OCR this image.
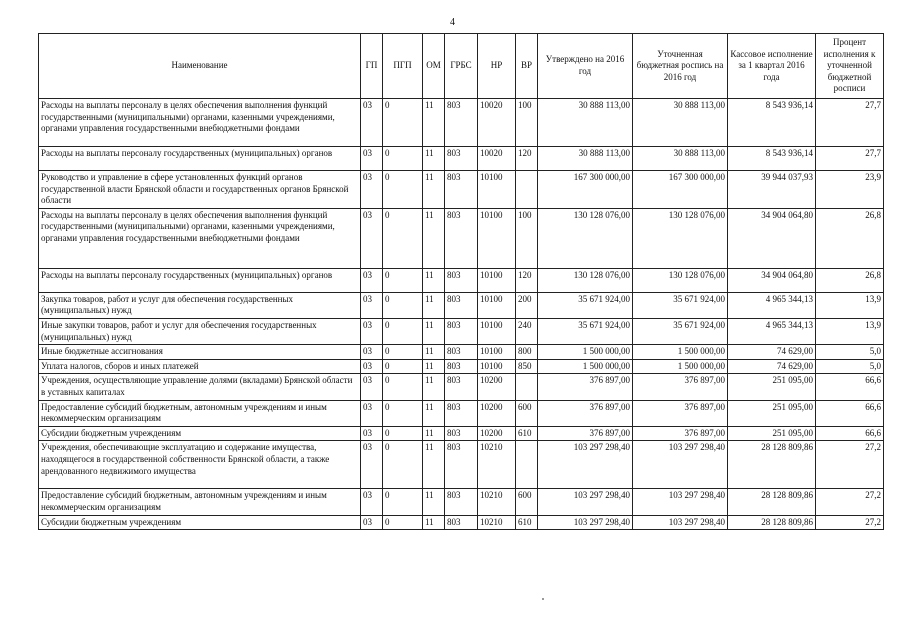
4
Наименование	ГП	ПГП	ОМ	ГРБС	НР	ВР	Утверждено на 2016 год	Уточненная бюджетная роспись на 2016 год	Кассовое исполнение за 1 квартал 2016 года	Процент исполнения к уточненной бюджетной росписи
Расходы на выплаты персоналу в целях обеспечения выполнения функций государственными (муниципальными) органами, казенными учреждениями, органами управления государственными внебюджетными фондами	03	0	11	803	10020	100	30 888 113,00	30 888 113,00	8 543 936,14	27,7
Расходы на выплаты персоналу государственных (муниципальных) органов	03	0	11	803	10020	120	30 888 113,00	30 888 113,00	8 543 936,14	27,7
Руководство и управление в сфере установленных функций органов государственной власти Брянской области и государственных органов Брянской области	03	0	11	803	10100		167 300 000,00	167 300 000,00	39 944 037,93	23,9
Расходы на выплаты персоналу в целях обеспечения выполнения функций государственными (муниципальными) органами, казенными учреждениями, органами управления государственными внебюджетными фондами	03	0	11	803	10100	100	130 128 076,00	130 128 076,00	34 904 064,80	26,8
Расходы на выплаты персоналу государственных (муниципальных) органов	03	0	11	803	10100	120	130 128 076,00	130 128 076,00	34 904 064,80	26,8
Закупка товаров, работ и услуг для обеспечения государственных (муниципальных) нужд	03	0	11	803	10100	200	35 671 924,00	35 671 924,00	4 965 344,13	13,9
Иные закупки товаров, работ и услуг для обеспечения государственных (муниципальных) нужд	03	0	11	803	10100	240	35 671 924,00	35 671 924,00	4 965 344,13	13,9
Иные бюджетные ассигнования	03	0	11	803	10100	800	1 500 000,00	1 500 000,00	74 629,00	5,0
Уплата налогов, сборов и иных платежей	03	0	11	803	10100	850	1 500 000,00	1 500 000,00	74 629,00	5,0
Учреждения, осуществляющие управление долями (вкладами) Брянской области в уставных капиталах	03	0	11	803	10200		376 897,00	376 897,00	251 095,00	66,6
Предоставление субсидий бюджетным, автономным учреждениям и иным некоммерческим организациям	03	0	11	803	10200	600	376 897,00	376 897,00	251 095,00	66,6
Субсидии бюджетным учреждениям	03	0	11	803	10200	610	376 897,00	376 897,00	251 095,00	66,6
Учреждения, обеспечивающие эксплуатацию и содержание имущества, находящегося в государственной собственности Брянской области, а также арендованного недвижимого имущества	03	0	11	803	10210		103 297 298,40	103 297 298,40	28 128 809,86	27,2
Предоставление субсидий бюджетным, автономным учреждениям и иным некоммерческим организациям	03	0	11	803	10210	600	103 297 298,40	103 297 298,40	28 128 809,86	27,2
Субсидии бюджетным учреждениям	03	0	11	803	10210	610	103 297 298,40	103 297 298,40	28 128 809,86	27,2
